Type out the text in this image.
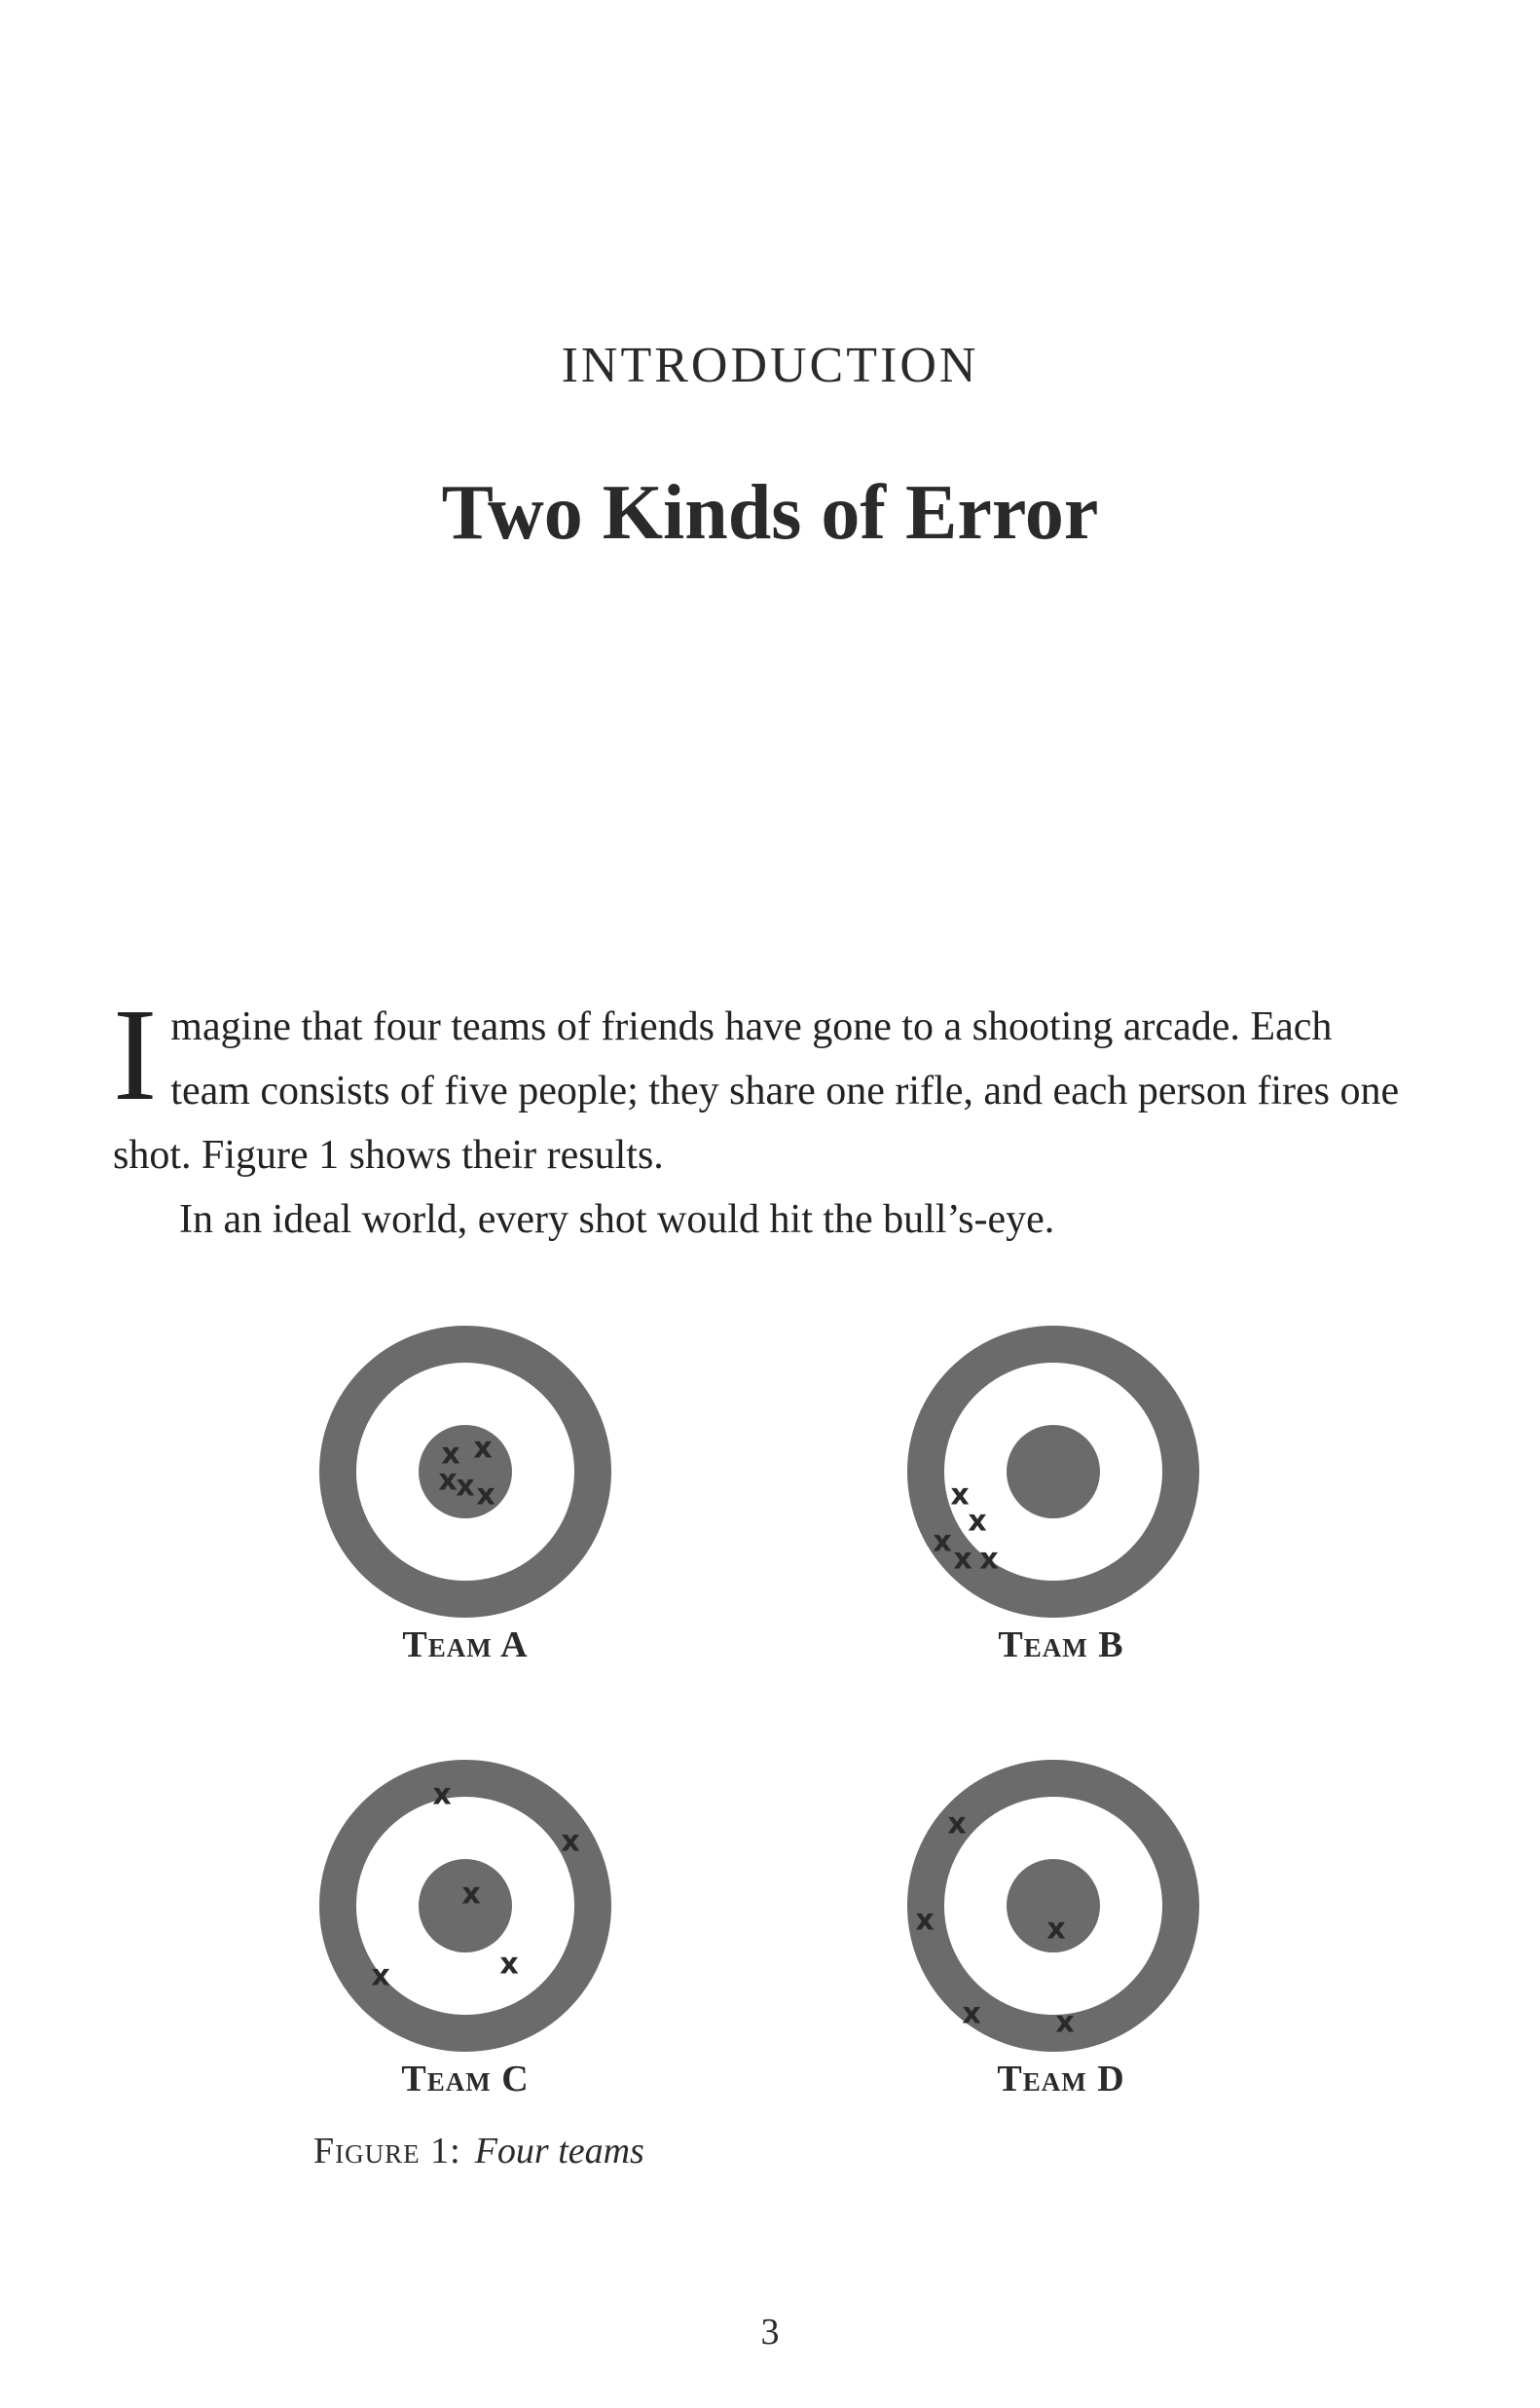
INTRODUCTION
Two Kinds of Error

Imagine that four teams of friends have gone to a shooting arcade. Each team consists of five people; they share one rifle, and each person fires one shot. Figure 1 shows their results.

In an ideal world, every shot would hit the bull’s-eye.

x x
x
x x	x
x
x
x x
x
x
x
x
x
x
x	x
x	x
Team A	Team B
Team C	Team D
Figure 1: Four teams
3
